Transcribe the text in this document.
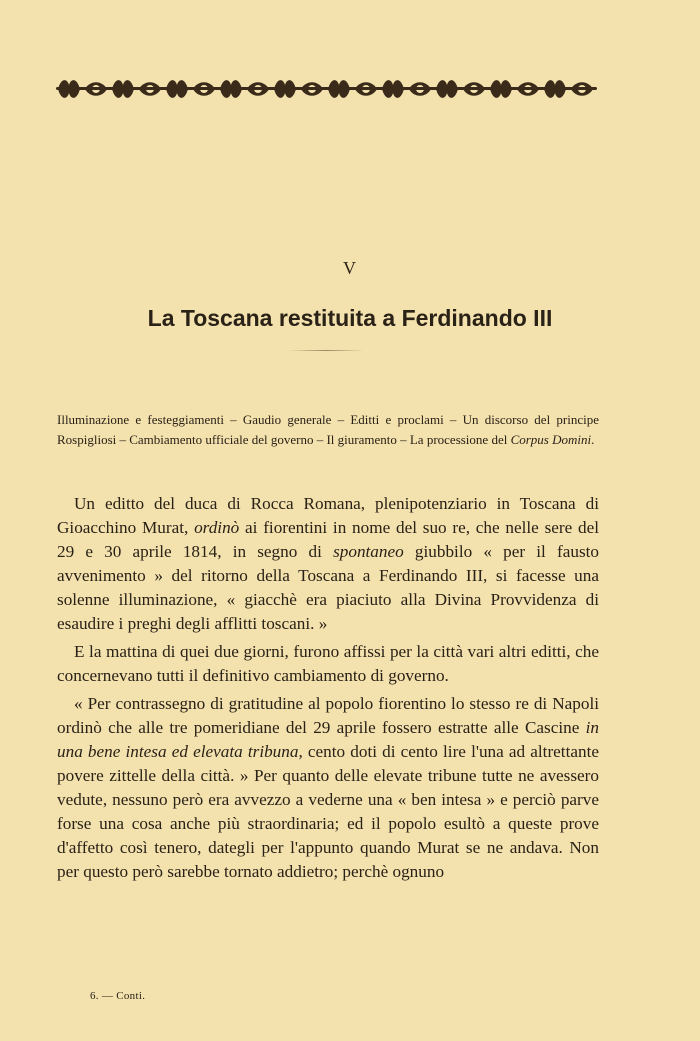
V
La Toscana restituita a Ferdinando III
Illuminazione e festeggiamenti – Gaudio generale – Editti e proclami – Un discorso del principe Rospigliosi – Cambiamento ufficiale del governo – Il giuramento – La processione del Corpus Domini.

Un editto del duca di Rocca Romana, plenipotenziario in Toscana di Gioacchino Murat, ordinò ai fiorentini in nome del suo re, che nelle sere del 29 e 30 aprile 1814, in segno di spontaneo giubbilo « per il fausto avvenimento » del ritorno della Toscana a Ferdinando III, si facesse una solenne illuminazione, « giacchè era piaciuto alla Divina Provvidenza di esaudire i preghi degli afflitti toscani. »

E la mattina di quei due giorni, furono affissi per la città vari altri editti, che concernevano tutti il definitivo cambiamento di governo.

« Per contrassegno di gratitudine al popolo fiorentino lo stesso re di Napoli ordinò che alle tre pomeridiane del 29 aprile fossero estratte alle Cascine in una bene intesa ed elevata tribuna, cento doti di cento lire l'una ad altrettante povere zittelle della città. » Per quanto delle elevate tribune tutte ne avessero vedute, nessuno però era avvezzo a vederne una « ben intesa » e perciò parve forse una cosa anche più straordinaria; ed il popolo esultò a queste prove d'affetto così tenero, dategli per l'appunto quando Murat se ne andava. Non per questo però sarebbe tornato addietro; perchè ognuno

6. — Conti.
